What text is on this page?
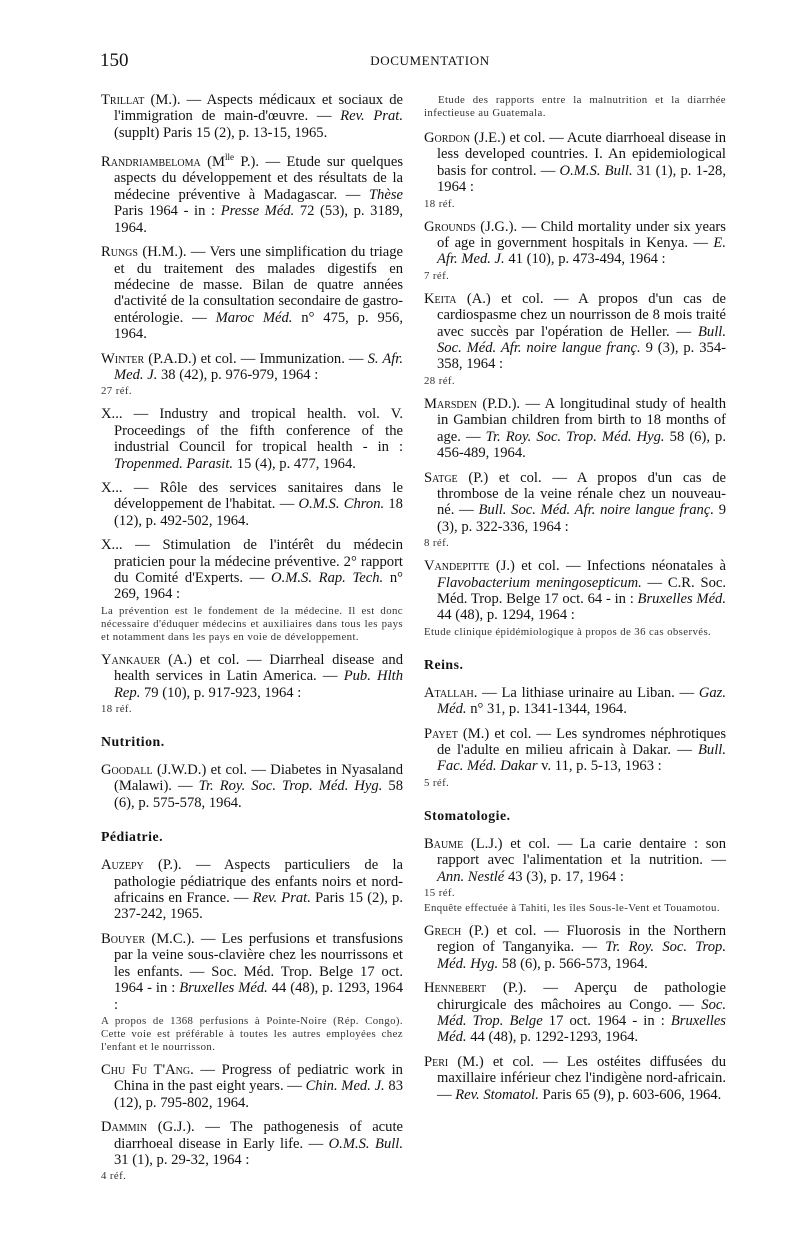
150	DOCUMENTATION
Trillat (M.). — Aspects médicaux et sociaux de l'immigration de main-d'œuvre. — Rev. Prat. (supplt) Paris 15 (2), p. 13-15, 1965.
Randriambeloma ($M^{lle}$ P.). — Etude sur quelques aspects du développement et des résultats de la médecine préventive à Madagascar. — Thèse Paris 1964 - in : Presse Méd. 72 (53), p. 3189, 1964.
Rungs (H.M.). — Vers une simplification du triage et du traitement des malades digestifs en médecine de masse. Bilan de quatre années d'activité de la consultation secondaire de gastro-entérologie. — Maroc Méd. n° 475, p. 956, 1964.
Winter (P.A.D.) et col. — Immunization. — S. Afr. Med. J. 38 (42), p. 976-979, 1964 :
27 réf.
X... — Industry and tropical health. vol. V. Proceedings of the fifth conference of the industrial Council for tropical health - in : Tropenmed. Parasit. 15 (4), p. 477, 1964.
X... — Rôle des services sanitaires dans le développement de l'habitat. — O.M.S. Chron. 18 (12), p. 492-502, 1964.
X... — Stimulation de l'intérêt du médecin praticien pour la médecine préventive. 2° rapport du Comité d'Experts. — O.M.S. Rap. Tech. n° 269, 1964 :
La prévention est le fondement de la médecine. Il est donc nécessaire d'éduquer médecins et auxiliaires dans tous les pays et notamment dans les pays en voie de développement.
Yankauer (A.) et col. — Diarrheal disease and health services in Latin America. — Pub. Hlth Rep. 79 (10), p. 917-923, 1964 :
18 réf.
Nutrition.
Goodall (J.W.D.) et col. — Diabetes in Nyasaland (Malawi). — Tr. Roy. Soc. Trop. Méd. Hyg. 58 (6), p. 575-578, 1964.
Pédiatrie.
Auzepy (P.). — Aspects particuliers de la pathologie pédiatrique des enfants noirs et nord-africains en France. — Rev. Prat. Paris 15 (2), p. 237-242, 1965.
Bouyer (M.C.). — Les perfusions et transfusions par la veine sous-clavière chez les nourrissons et les enfants. — Soc. Méd. Trop. Belge 17 oct. 1964 - in : Bruxelles Méd. 44 (48), p. 1293, 1964 :
A propos de 1368 perfusions à Pointe-Noire (Rép. Congo). Cette voie est préférable à toutes les autres employées chez l'enfant et le nourrisson.
Chu Fu T'Ang. — Progress of pediatric work in China in the past eight years. — Chin. Med. J. 83 (12), p. 795-802, 1964.
Dammin (G.J.). — The pathogenesis of acute diarrhoeal disease in Early life. — O.M.S. Bull. 31 (1), p. 29-32, 1964 :
4 réf.
Etude des rapports entre la malnutrition et la diarrhée infectieuse au Guatemala.
Gordon (J.E.) et col. — Acute diarrhoeal disease in less developed countries. I. An epidemiological basis for control. — O.M.S. Bull. 31 (1), p. 1-28, 1964 :
18 réf.
Grounds (J.G.). — Child mortality under six years of age in government hospitals in Kenya. — E. Afr. Med. J. 41 (10), p. 473-494, 1964 :
7 réf.
Keita (A.) et col. — A propos d'un cas de cardiospasme chez un nourrisson de 8 mois traité avec succès par l'opération de Heller. — Bull. Soc. Méd. Afr. noire langue franç. 9 (3), p. 354-358, 1964 :
28 réf.
Marsden (P.D.). — A longitudinal study of health in Gambian children from birth to 18 months of age. — Tr. Roy. Soc. Trop. Méd. Hyg. 58 (6), p. 456-489, 1964.
Satge (P.) et col. — A propos d'un cas de thrombose de la veine rénale chez un nouveau-né. — Bull. Soc. Méd. Afr. noire langue franç. 9 (3), p. 322-336, 1964 :
8 réf.
Vandepitte (J.) et col. — Infections néonatales à Flavobacterium meningosepticum. — C.R. Soc. Méd. Trop. Belge 17 oct. 64 - in : Bruxelles Méd. 44 (48), p. 1294, 1964 :
Etude clinique épidémiologique à propos de 36 cas observés.
Reins.
Atallah. — La lithiase urinaire au Liban. — Gaz. Méd. n° 31, p. 1341-1344, 1964.
Payet (M.) et col. — Les syndromes néphrotiques de l'adulte en milieu africain à Dakar. — Bull. Fac. Méd. Dakar v. 11, p. 5-13, 1963 :
5 réf.
Stomatologie.
Baume (L.J.) et col. — La carie dentaire : son rapport avec l'alimentation et la nutrition. — Ann. Nestlé 43 (3), p. 17, 1964 :
15 réf.
Enquête effectuée à Tahiti, les îles Sous-le-Vent et Touamotou.
Grech (P.) et col. — Fluorosis in the Northern region of Tanganyika. — Tr. Roy. Soc. Trop. Méd. Hyg. 58 (6), p. 566-573, 1964.
Hennebert (P.). — Aperçu de pathologie chirurgicale des mâchoires au Congo. — Soc. Méd. Trop. Belge 17 oct. 1964 - in : Bruxelles Méd. 44 (48), p. 1292-1293, 1964.
Peri (M.) et col. — Les ostéites diffusées du maxillaire inférieur chez l'indigène nord-africain. — Rev. Stomatol. Paris 65 (9), p. 603-606, 1964.
